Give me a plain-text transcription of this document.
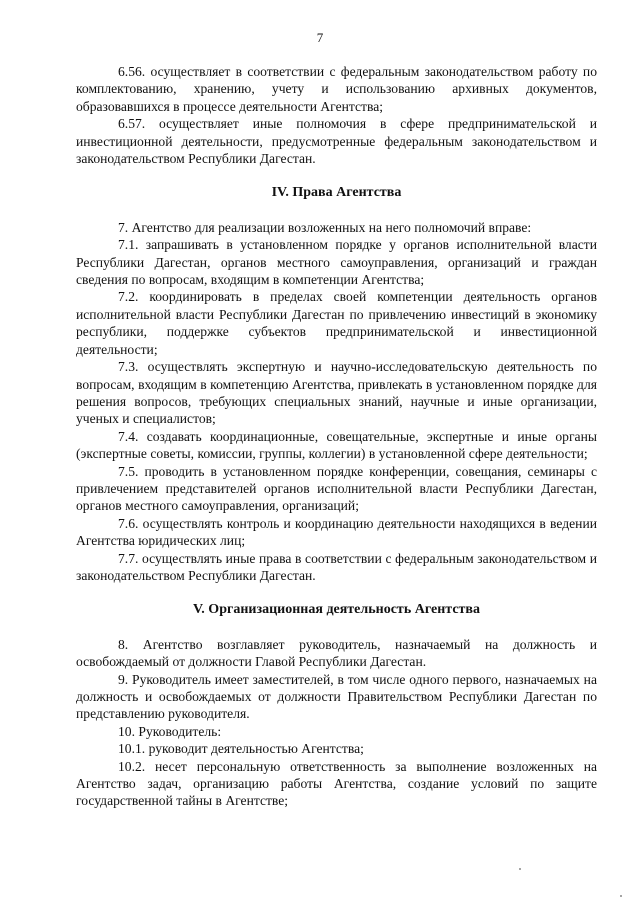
7

6.56. осуществляет в соответствии с федеральным законодательством работу по комплектованию, хранению, учету и использованию архивных документов, образовавшихся в процессе деятельности Агентства;

6.57. осуществляет иные полномочия в сфере предпринимательской и инвестиционной деятельности, предусмотренные федеральным законодательством и законодательством Республики Дагестан.

IV. Права Агентства

7. Агентство для реализации возложенных на него полномочий вправе:

7.1. запрашивать в установленном порядке у органов исполнительной власти Республики Дагестан, органов местного самоуправления, организаций и граждан сведения по вопросам, входящим в компетенции Агентства;

7.2. координировать в пределах своей компетенции деятельность органов исполнительной власти Республики Дагестан по привлечению инвестиций в экономику республики, поддержке субъектов предпринимательской и инвестиционной деятельности;

7.3. осуществлять экспертную и научно-исследовательскую деятельность по вопросам, входящим в компетенцию Агентства, привлекать в установленном порядке для решения вопросов, требующих специальных знаний, научные и иные организации, ученых и специалистов;

7.4. создавать координационные, совещательные, экспертные и иные органы (экспертные советы, комиссии, группы, коллегии) в установленной сфере деятельности;

7.5. проводить в установленном порядке конференции, совещания, семинары с привлечением представителей органов исполнительной власти Республики Дагестан, органов местного самоуправления, организаций;

7.6. осуществлять контроль и координацию деятельности находящихся в ведении Агентства юридических лиц;

7.7. осуществлять иные права в соответствии с федеральным законодательством и законодательством Республики Дагестан.

V. Организационная деятельность Агентства

8. Агентство возглавляет руководитель, назначаемый на должность и освобождаемый от должности Главой Республики Дагестан.

9. Руководитель имеет заместителей, в том числе одного первого, назначаемых на должность и освобождаемых от должности Правительством Республики Дагестан по представлению руководителя.

10. Руководитель:

10.1. руководит деятельностью Агентства;

10.2. несет персональную ответственность за выполнение возложенных на Агентство задач, организацию работы Агентства, создание условий по защите государственной тайны в Агентстве;
